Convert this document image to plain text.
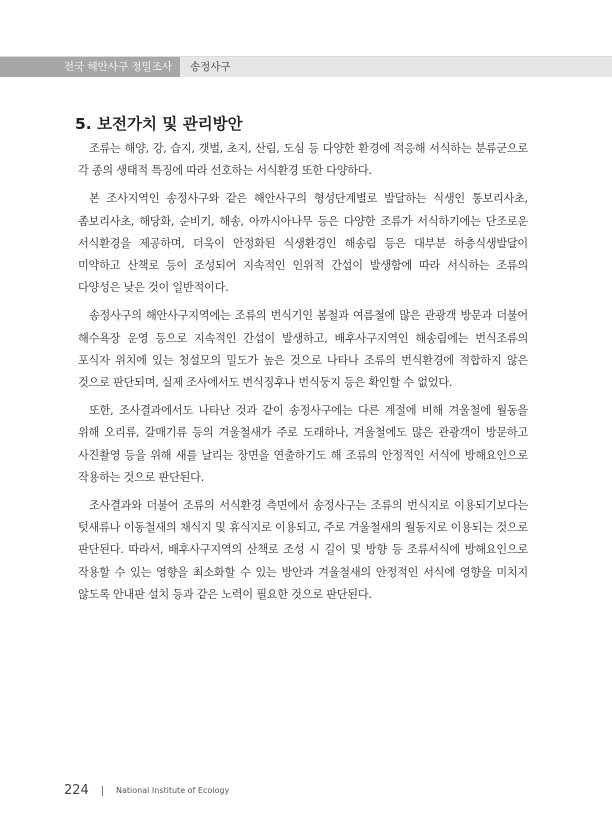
전국 해안사구 정밀조사	송정사구
5. 보전가치 및 관리방안

조류는 해양, 강, 습지, 갯벌, 초지, 산림, 도심 등 다양한 환경에 적응해 서식하는 분류군으로 각 종의 생태적 특징에 따라 선호하는 서식환경 또한 다양하다.

본 조사지역인 송정사구와 같은 해안사구의 형성단계별로 발달하는 식생인 통보리사초, 좀보리사초, 해당화, 순비기, 해송, 아까시아나무 등은 다양한 조류가 서식하기에는 단조로운 서식환경을 제공하며, 더욱이 안정화된 식생환경인 해송림 등은 대부분 하층식생발달이 미약하고 산책로 등이 조성되어 지속적인 인위적 간섭이 발생함에 따라 서식하는 조류의 다양성은 낮은 것이 일반적이다.

송정사구의 해안사구지역에는 조류의 번식기인 봄철과 여름철에 많은 관광객 방문과 더불어 해수욕장 운영 등으로 지속적인 간섭이 발생하고, 배후사구지역인 해송림에는 번식조류의 포식자 위치에 있는 청설모의 밀도가 높은 것으로 나타나 조류의 번식환경에 적합하지 않은 것으로 판단되며, 실제 조사에서도 번식징후나 번식둥지 등은 확인할 수 없었다.

또한, 조사결과에서도 나타난 것과 같이 송정사구에는 다른 계절에 비해 겨울철에 월동을 위해 오리류, 갈매기류 등의 겨울철새가 주로 도래하나, 겨울철에도 많은 관광객이 방문하고 사진촬영 등을 위해 새를 날리는 장면을 연출하기도 해 조류의 안정적인 서식에 방해요인으로 작용하는 것으로 판단된다.

조사결과와 더불어 조류의 서식환경 측면에서 송정사구는 조류의 번식지로 이용되기보다는 텃새류나 이동철새의 채식지 및 휴식지로 이용되고, 주로 겨울철새의 월동지로 이용되는 것으로 판단된다. 따라서, 배후사구지역의 산책로 조성 시 길이 및 방향 등 조류서식에 방해요인으로 작용할 수 있는 영향을 최소화할 수 있는 방안과 겨울철새의 안정적인 서식에 영향을 미치지 않도록 안내판 설치 등과 같은 노력이 필요한 것으로 판단된다.

224	National Institute of Ecology
